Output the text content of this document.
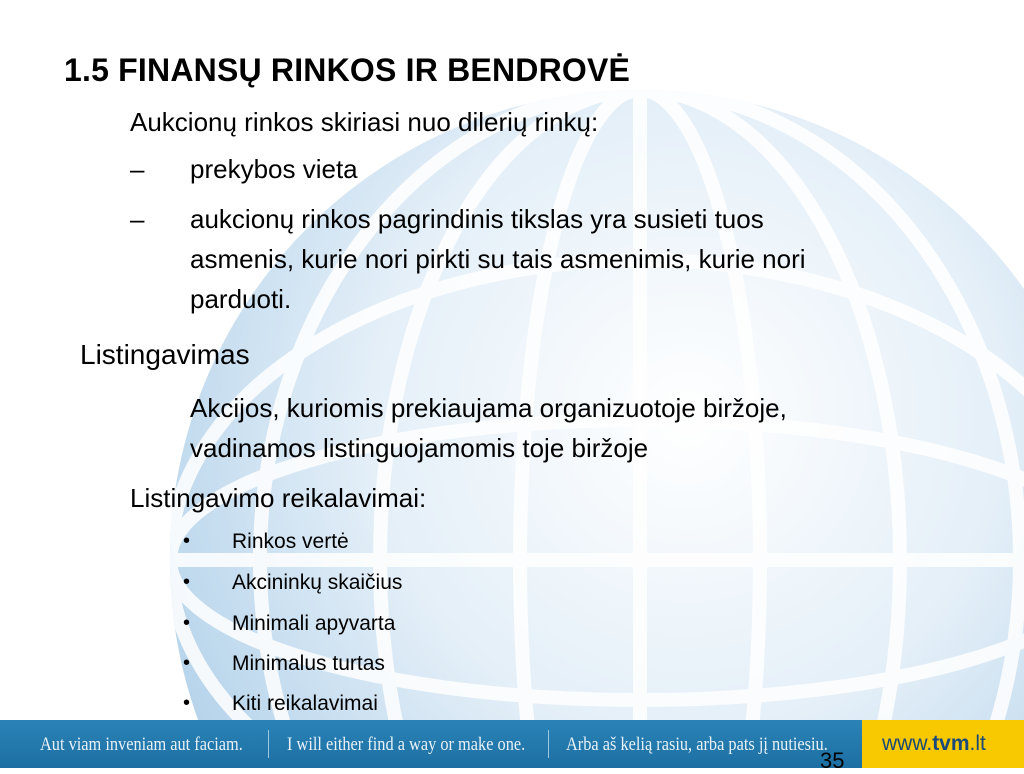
1.5 FINANSŲ RINKOS IR BENDROVĖ
Aukcionų rinkos skiriasi nuo dilerių rinkų:
– prekybos vieta
– aukcionų rinkos pagrindinis tikslas yra susieti tuos
asmenis, kurie nori pirkti su tais asmenimis, kurie nori
parduoti.
Listingavimas
Akcijos, kuriomis prekiaujama organizuotoje biržoje,
vadinamos listinguojamomis toje biržoje
Listingavimo reikalavimai:
• Rinkos vertė
• Akcininkų skaičius
• Minimali apyvarta
• Minimalus turtas
• Kiti reikalavimai
Aut viam inveniam aut faciam. I will either find a way or make one. Arba aš kelią rasiu, arba pats jį nutiesiu.	www.tvm.lt
35
